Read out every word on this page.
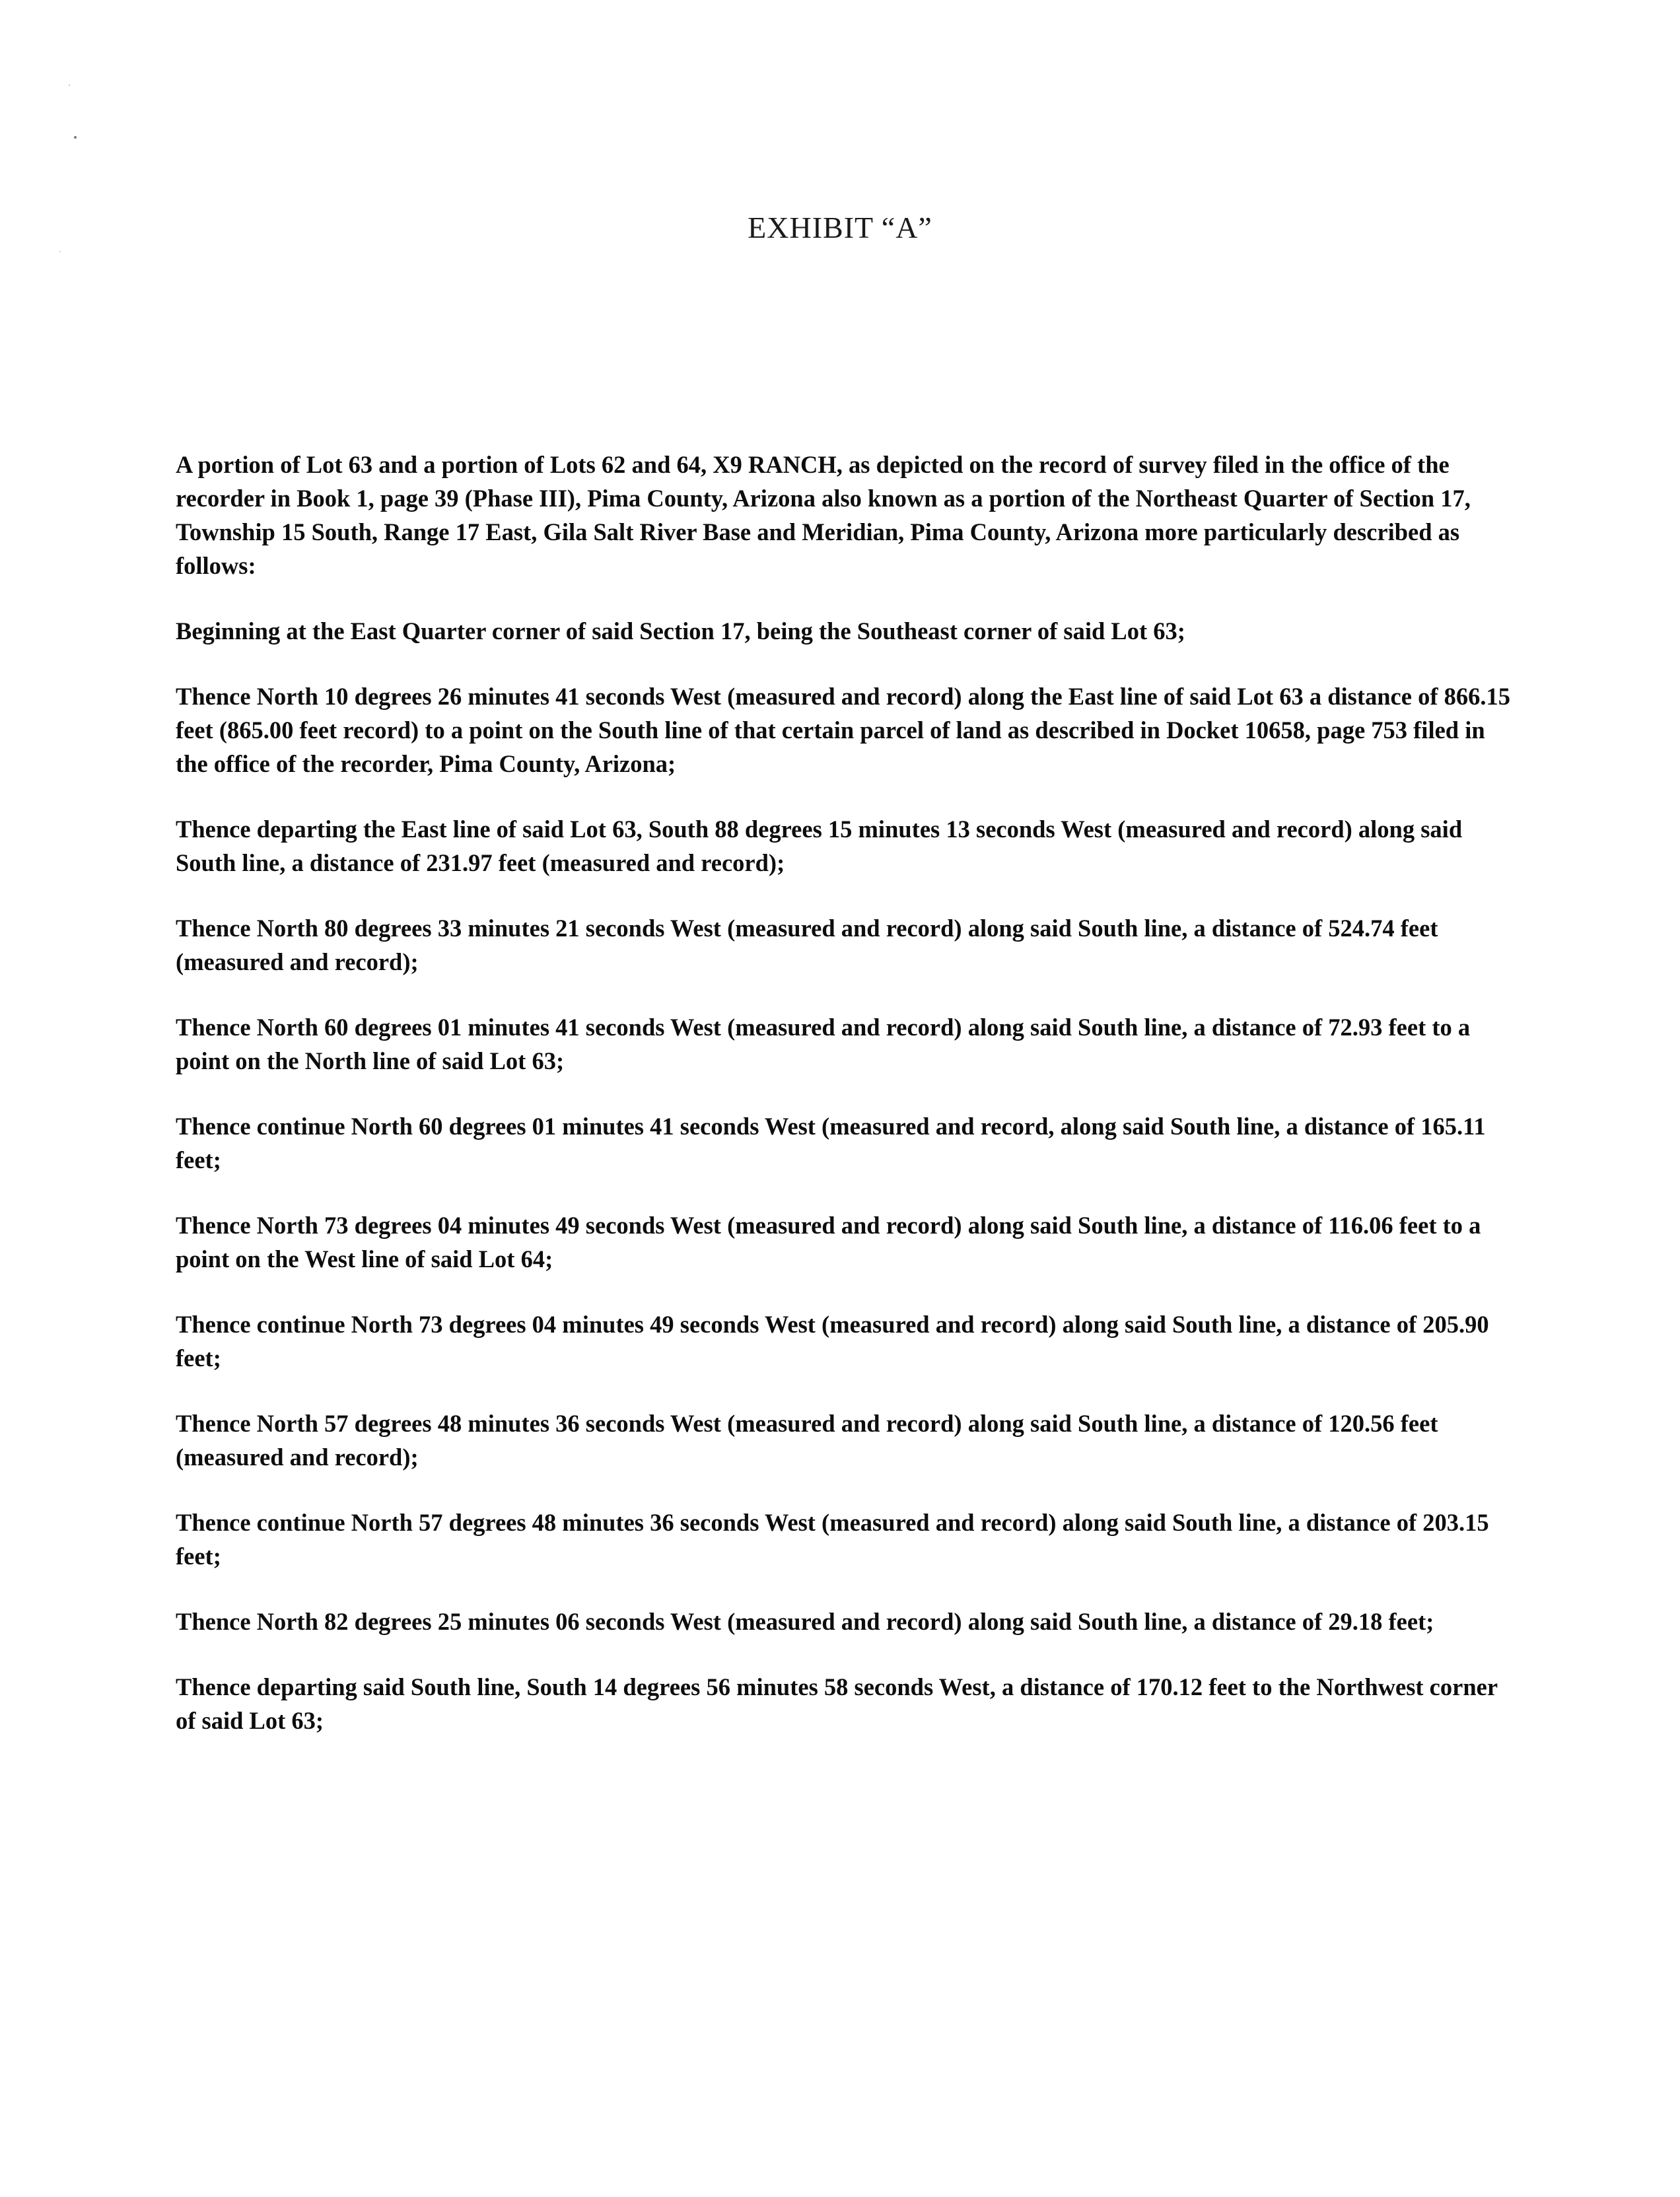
EXHIBIT “A”

A portion of Lot 63 and a portion of Lots 62 and 64, X9 RANCH, as depicted on the record of survey filed in the office of the recorder in Book 1, page 39 (Phase III), Pima County, Arizona also known as a portion of the Northeast Quarter of Section 17, Township 15 South, Range 17 East, Gila Salt River Base and Meridian, Pima County, Arizona more particularly described as follows:

Beginning at the East Quarter corner of said Section 17, being the Southeast corner of said Lot 63;

Thence North 10 degrees 26 minutes 41 seconds West (measured and record) along the East line of said Lot 63 a distance of 866.15 feet (865.00 feet record) to a point on the South line of that certain parcel of land as described in Docket 10658, page 753 filed in the office of the recorder, Pima County, Arizona;

Thence departing the East line of said Lot 63, South 88 degrees 15 minutes 13 seconds West (measured and record) along said South line, a distance of 231.97 feet (measured and record);

Thence North 80 degrees 33 minutes 21 seconds West (measured and record) along said South line, a distance of 524.74 feet (measured and record);

Thence North 60 degrees 01 minutes 41 seconds West (measured and record) along said South line, a distance of 72.93 feet to a point on the North line of said Lot 63;

Thence continue North 60 degrees 01 minutes 41 seconds West (measured and record, along said South line, a distance of 165.11 feet;

Thence North 73 degrees 04 minutes 49 seconds West (measured and record) along said South line, a distance of 116.06 feet to a point on the West line of said Lot 64;

Thence continue North 73 degrees 04 minutes 49 seconds West (measured and record) along said South line, a distance of 205.90 feet;

Thence North 57 degrees 48 minutes 36 seconds West (measured and record) along said South line, a distance of 120.56 feet (measured and record);

Thence continue North 57 degrees 48 minutes 36 seconds West (measured and record) along said South line, a distance of 203.15 feet;

Thence North 82 degrees 25 minutes 06 seconds West (measured and record) along said South line, a distance of 29.18 feet;

Thence departing said South line, South 14 degrees 56 minutes 58 seconds West, a distance of 170.12 feet to the Northwest corner of said Lot 63;
